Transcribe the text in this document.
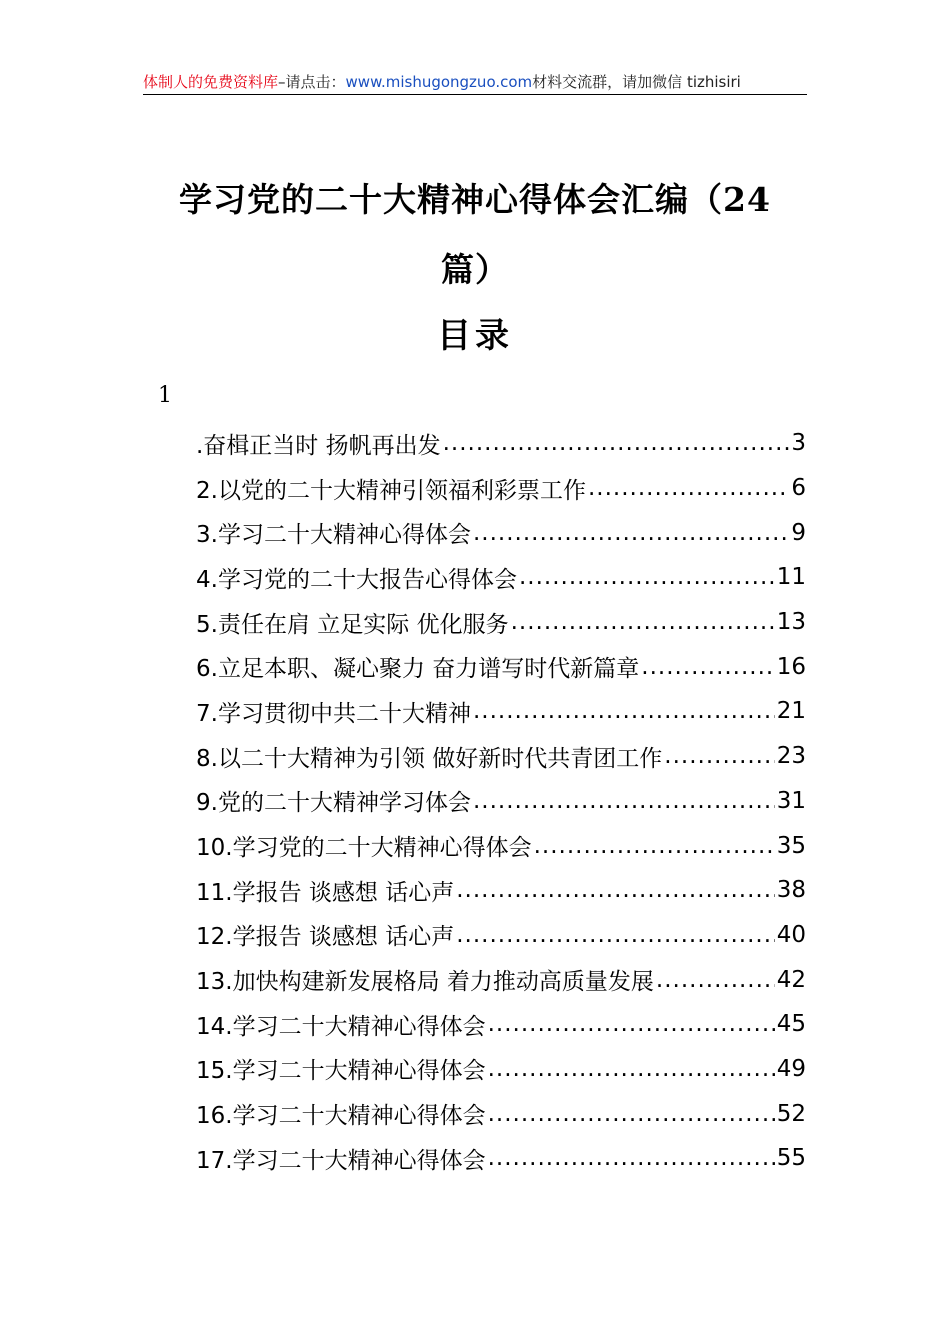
体制人的免费资料库–请点击：www.mishugongzuo.com材料交流群，请加微信 tizhisiri
学习党的二十大精神心得体会汇编（24
篇）
目录
1
.奋楫正当时 扬帆再出发 .....	3
2.以党的二十大精神引领福利彩票工作 .....	6
3.学习二十大精神心得体会 .....	9
4.学习党的二十大报告心得体会 .....	11
5.责任在肩 立足实际 优化服务 .....	13
6.立足本职、凝心聚力 奋力谱写时代新篇章 .....	16
7.学习贯彻中共二十大精神 .....	21
8.以二十大精神为引领 做好新时代共青团工作 .....	23
9.党的二十大精神学习体会 .....	31
10.学习党的二十大精神心得体会 .....	35
11.学报告 谈感想 话心声 .....	38
12.学报告 谈感想 话心声 .....	40
13.加快构建新发展格局 着力推动高质量发展 .....	42
14.学习二十大精神心得体会 .....	45
15.学习二十大精神心得体会 .....	49
16.学习二十大精神心得体会 .....	52
17.学习二十大精神心得体会 .....	55
